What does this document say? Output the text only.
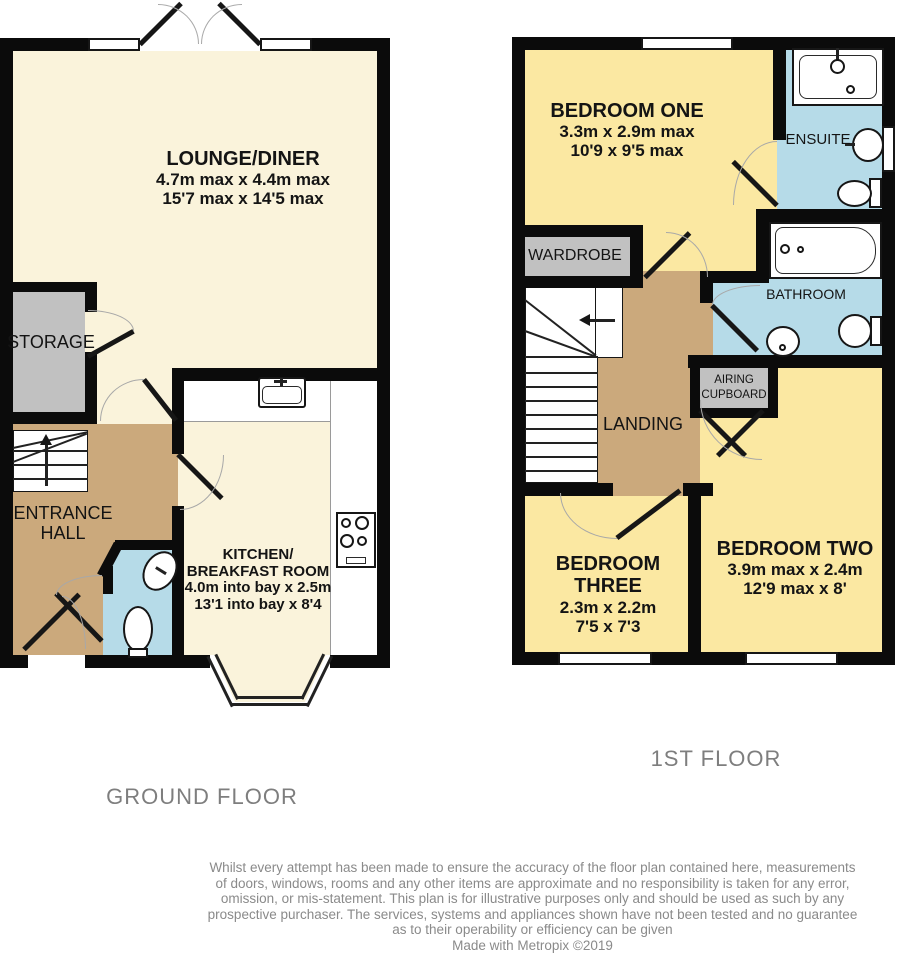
LOUNGE/DINER
4.7m max x 4.4m max
15'7 max x 14'5 max
STORAGE
ENTRANCE
HALL
KITCHEN/
BREAKFAST ROOM
4.0m into bay x 2.5m
13'1 into bay x 8'4
GROUND FLOOR
BEDROOM ONE
3.3m x 2.9m max
10'9 x 9'5 max
ENSUITE
WARDROBE
BATHROOM
AIRING
CUPBOARD
LANDING
BEDROOM TWO
3.9m max x 2.4m
12'9 max x 8'
BEDROOM
THREE
2.3m x 2.2m
7'5 x 7'3
1ST FLOOR
Whilst every attempt has been made to ensure the accuracy of the floor plan contained here, measurements
of doors, windows, rooms and any other items are approximate and no responsibility is taken for any error,
omission, or mis-statement. This plan is for illustrative purposes only and should be used as such by any
prospective purchaser. The services, systems and appliances shown have not been tested and no guarantee
as to their operability or efficiency can be given
Made with Metropix ©2019
